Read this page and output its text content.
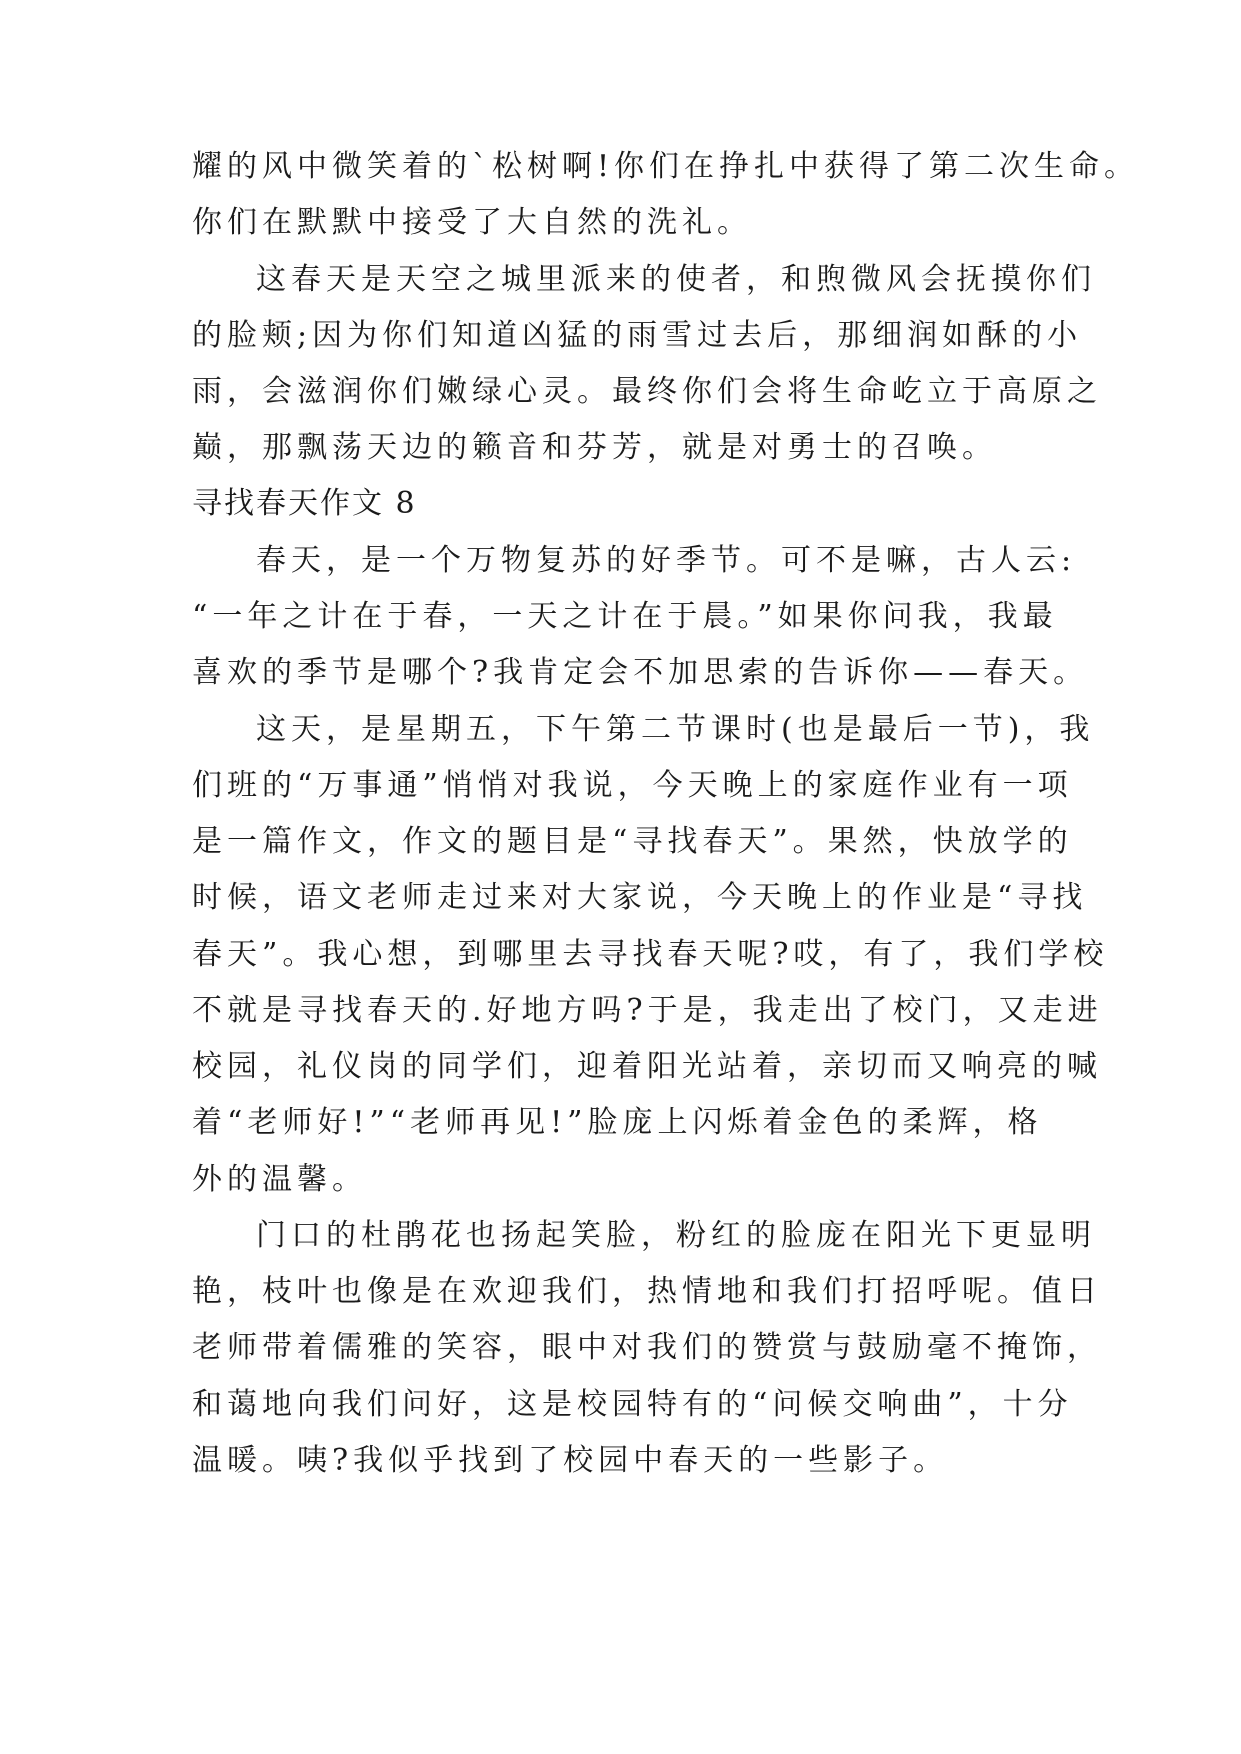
耀的风中微笑着的`松树啊!你们在挣扎中获得了第二次生命。
你们在默默中接受了大自然的洗礼。
这春天是天空之城里派来的使者，和煦微风会抚摸你们
的脸颊;因为你们知道凶猛的雨雪过去后，那细润如酥的小
雨，会滋润你们嫩绿心灵。最终你们会将生命屹立于高原之
巅，那飘荡天边的籁音和芬芳，就是对勇士的召唤。
寻找春天作文 8
春天，是一个万物复苏的好季节。可不是嘛，古人云:
“一年之计在于春，一天之计在于晨。”如果你问我，我最
喜欢的季节是哪个?我肯定会不加思索的告诉你——春天。
这天，是星期五，下午第二节课时(也是最后一节)，我
们班的“万事通”悄悄对我说，今天晚上的家庭作业有一项
是一篇作文，作文的题目是“寻找春天”。果然，快放学的
时候，语文老师走过来对大家说，今天晚上的作业是“寻找
春天”。我心想，到哪里去寻找春天呢?哎，有了，我们学校
不就是寻找春天的.好地方吗?于是，我走出了校门，又走进
校园，礼仪岗的同学们，迎着阳光站着，亲切而又响亮的喊
着“老师好!”“老师再见!”脸庞上闪烁着金色的柔辉，格
外的温馨。
门口的杜鹃花也扬起笑脸，粉红的脸庞在阳光下更显明
艳，枝叶也像是在欢迎我们，热情地和我们打招呼呢。值日
老师带着儒雅的笑容，眼中对我们的赞赏与鼓励毫不掩饰，
和蔼地向我们问好，这是校园特有的“问候交响曲”，十分
温暖。咦?我似乎找到了校园中春天的一些影子。
